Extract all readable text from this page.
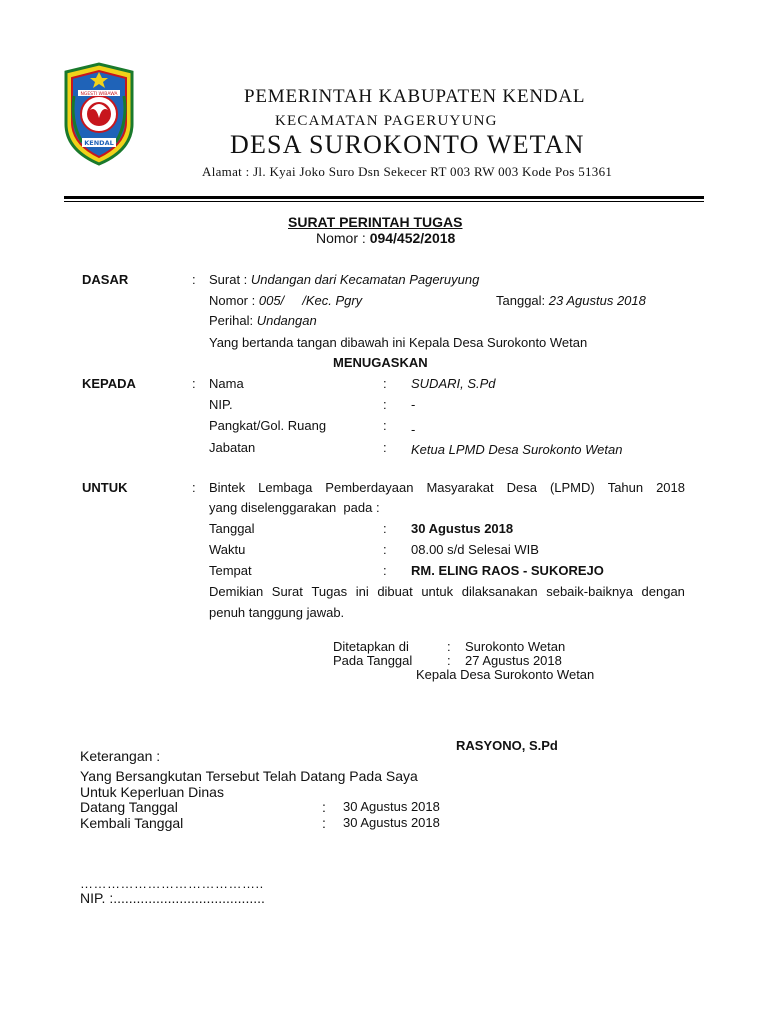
NGESTI WIBAWA
KENDAL
PEMERINTAH KABUPATEN KENDAL
KECAMATAN PAGERUYUNG
DESA SUROKONTO WETAN
Alamat : Jl. Kyai Joko Suro Dsn Sekecer RT 003 RW 003 Kode Pos 51361
SURAT PERINTAH TUGAS
Nomor : 094/452/2018
DASAR	: Surat : Undangan dari Kecamatan Pageruyung
Nomor : 005/     /Kec. Pgry	Tanggal: 23 Agustus 2018
Perihal: Undangan
Yang bertanda tangan dibawah ini Kepala Desa Surokonto Wetan
MENUGASKAN
KEPADA	: Nama	: SUDARI, S.Pd
NIP.	: -
Pangkat/Gol. Ruang	: -
Jabatan	: Ketua LPMD Desa Surokonto Wetan
UNTUK	: Bintek Lembaga Pemberdayaan Masyarakat Desa (LPMD) Tahun 2018
yang diselenggarakan  pada :
Tanggal	: 30 Agustus 2018
Waktu	: 08.00 s/d Selesai WIB
Tempat	: RM. ELING RAOS - SUKOREJO
Demikian Surat Tugas ini dibuat untuk dilaksanakan sebaik-baiknya dengan
penuh tanggung jawab.
Ditetapkan di	: Surokonto Wetan
Pada Tanggal	: 27 Agustus 2018
Kepala Desa Surokonto Wetan
RASYONO, S.Pd
Keterangan :
Yang Bersangkutan Tersebut Telah Datang Pada Saya
Untuk Keperluan Dinas
Datang Tanggal	: 30 Agustus 2018
Kembali Tanggal	: 30 Agustus 2018
…………………………………..
NIP. :.......................................
